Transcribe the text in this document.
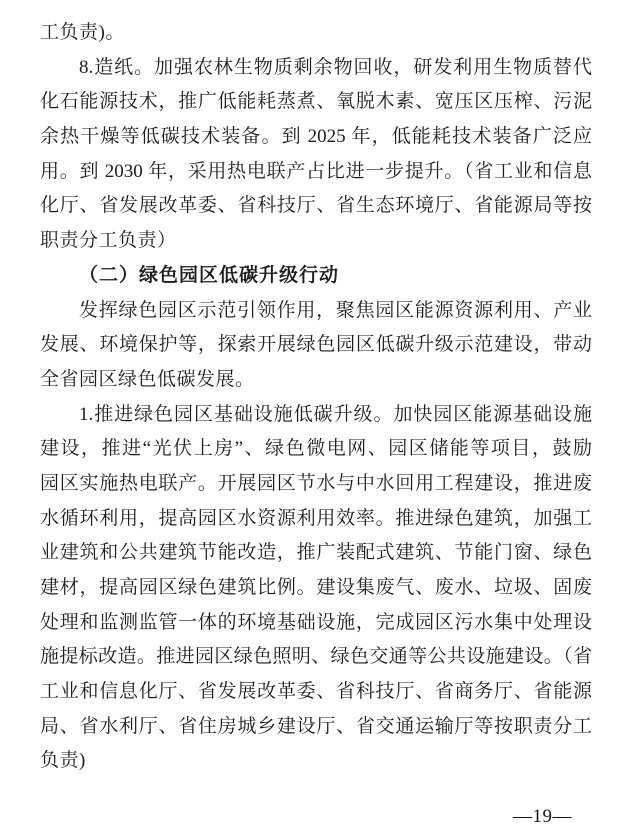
工负责)。
8.造纸。加强农林生物质剩余物回收，研发利用生物质替代
化石能源技术，推广低能耗蒸煮、氧脱木素、宽压区压榨、污泥
余热干燥等低碳技术装备。到 2025 年，低能耗技术装备广泛应
用。到 2030 年，采用热电联产占比进一步提升。（省工业和信息
化厅、省发展改革委、省科技厅、省生态环境厅、省能源局等按
职责分工负责）
（二）绿色园区低碳升级行动
发挥绿色园区示范引领作用，聚焦园区能源资源利用、产业
发展、环境保护等，探索开展绿色园区低碳升级示范建设，带动
全省园区绿色低碳发展。
1.推进绿色园区基础设施低碳升级。加快园区能源基础设施
建设，推进“光伏上房”、绿色微电网、园区储能等项目，鼓励
园区实施热电联产。开展园区节水与中水回用工程建设，推进废
水循环利用，提高园区水资源利用效率。推进绿色建筑，加强工
业建筑和公共建筑节能改造，推广装配式建筑、节能门窗、绿色
建材，提高园区绿色建筑比例。建设集废气、废水、垃圾、固废
处理和监测监管一体的环境基础设施，完成园区污水集中处理设
施提标改造。推进园区绿色照明、绿色交通等公共设施建设。（省
工业和信息化厅、省发展改革委、省科技厅、省商务厅、省能源
局、省水利厅、省住房城乡建设厅、省交通运输厅等按职责分工
负责)
—19—
